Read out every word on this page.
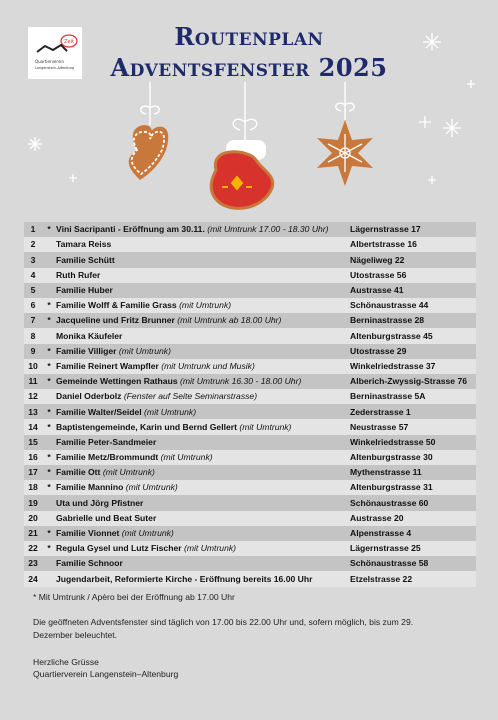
Zeit
Quartierverein
Langenstein–Altenburg
Routenplan
Adventsfenster 2025
1	*	Vini Sacripanti - Eröffnung am 30.11. (mit Umtrunk 17.00 - 18.30 Uhr)	Lägernstrasse 17
2		Tamara Reiss	Albertstrasse 16
3		Familie Schütt	Nägeliweg 22
4		Ruth Rufer	Utostrasse 56
5		Familie Huber	Austrasse 41
6	*	Familie Wolff & Familie Grass (mit Umtrunk)	Schönaustrasse 44
7	*	Jacqueline und Fritz Brunner (mit Umtrunk ab 18.00 Uhr)	Berninastrasse 28
8		Monika Käufeler	Altenburgstrasse 45
9	*	Familie Villiger (mit Umtrunk)	Utostrasse 29
10	*	Familie Reinert Wampfler (mit Umtrunk und Musik)	Winkelriedstrasse 37
11	*	Gemeinde Wettingen Rathaus (mit Umtrunk 16.30 - 18.00 Uhr)	Alberich-Zwyssig-Strasse 76
12		Daniel Oderbolz (Fenster auf Seite Seminarstrasse)	Berninastrasse 5A
13	*	Familie Walter/Seidel (mit Umtrunk)	Zederstrasse 1
14	*	Baptistengemeinde, Karin und Bernd Gellert (mit Umtrunk)	Neustrasse 57
15		Familie Peter-Sandmeier	Winkelriedstrasse 50
16	*	Familie Metz/Brommundt (mit Umtrunk)	Altenburgstrasse 30
17	*	Familie Ott (mit Umtrunk)	Mythenstrasse 11
18	*	Familie Mannino (mit Umtrunk)	Altenburgstrasse 31
19		Uta und Jörg Pfistner	Schönaustrasse 60
20		Gabrielle und Beat Suter	Austrasse 20
21	*	Familie Vionnet (mit Umtrunk)	Alpenstrasse 4
22	*	Regula Gysel und Lutz Fischer (mit Umtrunk)	Lägernstrasse 25
23		Familie Schnoor	Schönaustrasse 58
24		Jugendarbeit, Reformierte Kirche - Eröffnung bereits 16.00 Uhr	Etzelstrasse 22
* Mit Umtrunk / Apèro bei der Eröffnung ab 17.00 Uhr
Die geöffneten Adventsfenster sind täglich von 17.00 bis 22.00 Uhr und, sofern möglich, bis zum 29. Dezember beleuchtet.
Herzliche Grüsse
Quartierverein Langenstein–Altenburg
